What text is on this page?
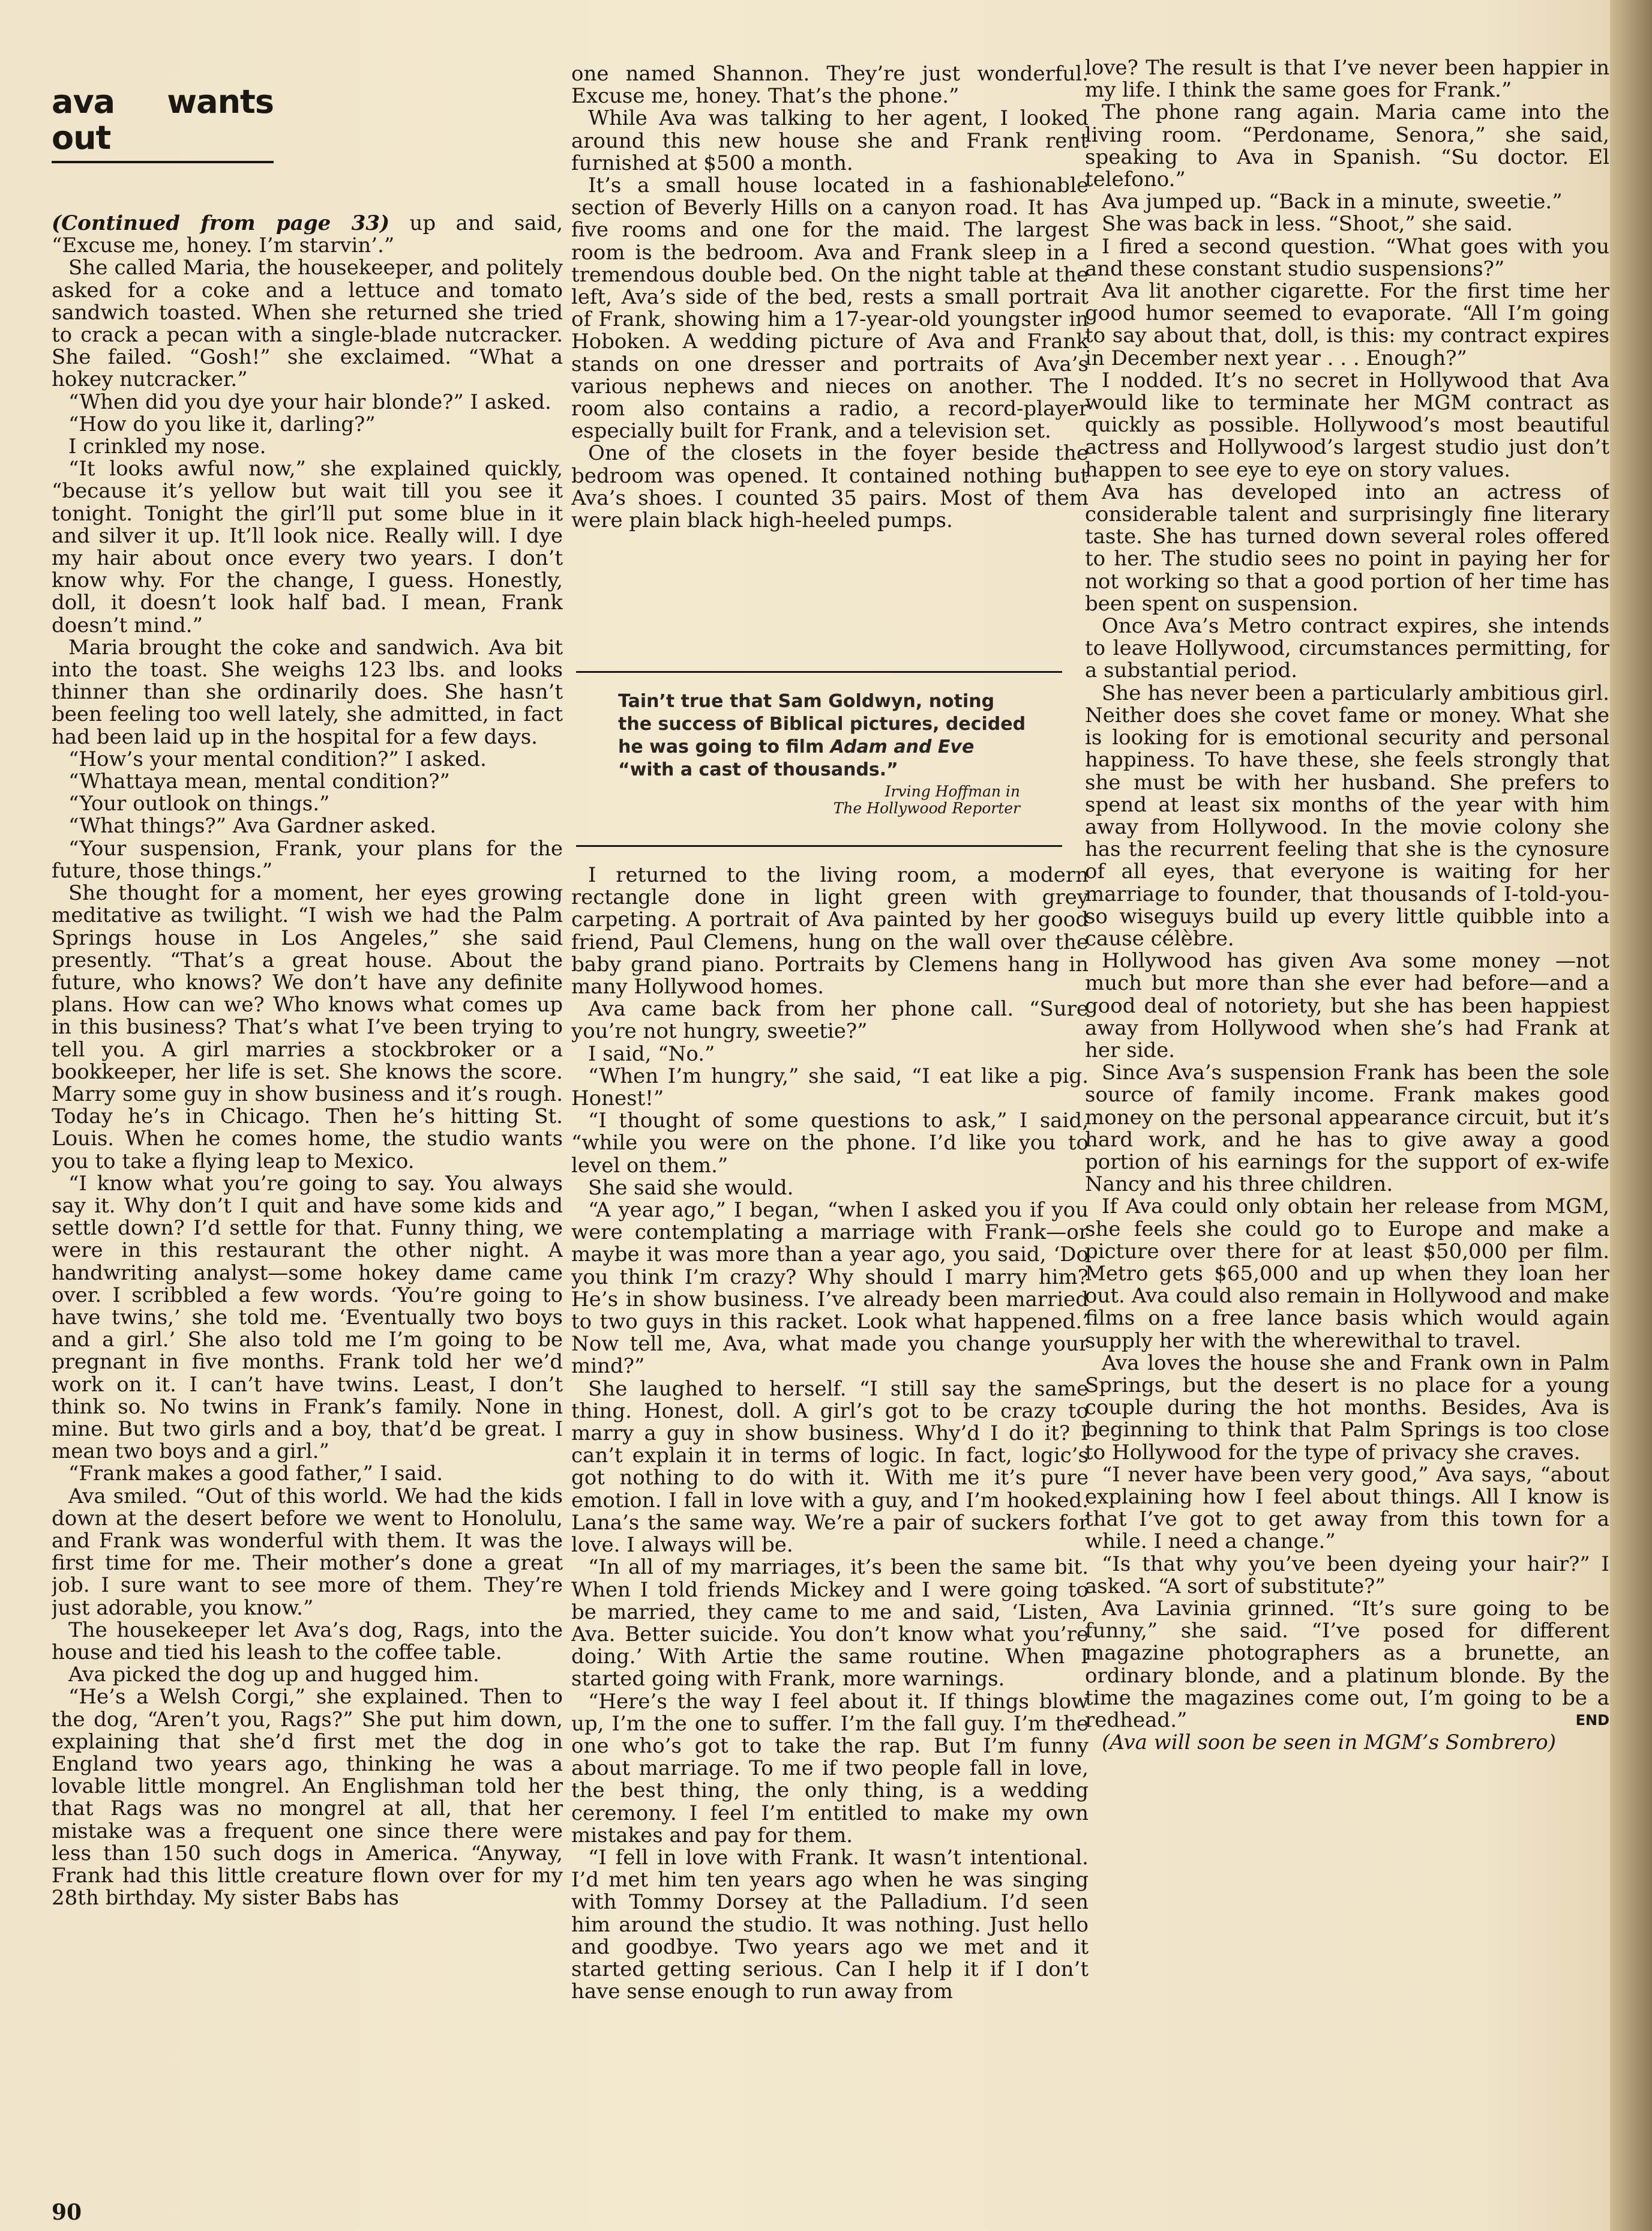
ava wants out

(Continued from page 33) up and said, “Excuse me, honey. I’m starvin’.”

She called Maria, the housekeeper, and politely asked for a coke and a lettuce and tomato sandwich toasted. When she returned she tried to crack a pecan with a single-blade nutcracker. She failed. “Gosh!” she exclaimed. “What a hokey nutcracker.”

“When did you dye your hair blonde?” I asked.

“How do you like it, darling?”

I crinkled my nose.

“It looks awful now,” she explained quickly, “because it’s yellow but wait till you see it tonight. Tonight the girl’ll put some blue in it and silver it up. It’ll look nice. Really will. I dye my hair about once every two years. I don’t know why. For the change, I guess. Honestly, doll, it doesn’t look half bad. I mean, Frank doesn’t mind.”

Maria brought the coke and sandwich. Ava bit into the toast. She weighs 123 lbs. and looks thinner than she ordinarily does. She hasn’t been feeling too well lately, she admitted, in fact had been laid up in the hospital for a few days.

“How’s your mental condition?” I asked.

“Whattaya mean, mental condition?”

“Your outlook on things.”

“What things?” Ava Gardner asked.

“Your suspension, Frank, your plans for the future, those things.”

She thought for a moment, her eyes growing meditative as twilight. “I wish we had the Palm Springs house in Los Angeles,” she said presently. “That’s a great house. About the future, who knows? We don’t have any definite plans. How can we? Who knows what comes up in this business? That’s what I’ve been trying to tell you. A girl marries a stockbroker or a bookkeeper, her life is set. She knows the score. Marry some guy in show business and it’s rough. Today he’s in Chicago. Then he’s hitting St. Louis. When he comes home, the studio wants you to take a flying leap to Mexico.

“I know what you’re going to say. You always say it. Why don’t I quit and have some kids and settle down? I’d settle for that. Funny thing, we were in this restaurant the other night. A handwriting analyst—some hokey dame came over. I scribbled a few words. ‘You’re going to have twins,’ she told me. ‘Eventually two boys and a girl.’ She also told me I’m going to be pregnant in five months. Frank told her we’d work on it. I can’t have twins. Least, I don’t think so. No twins in Frank’s family. None in mine. But two girls and a boy, that’d be great. I mean two boys and a girl.”

“Frank makes a good father,” I said.

Ava smiled. “Out of this world. We had the kids down at the desert before we went to Honolulu, and Frank was wonderful with them. It was the first time for me. Their mother’s done a great job. I sure want to see more of them. They’re just adorable, you know.”

The housekeeper let Ava’s dog, Rags, into the house and tied his leash to the coffee table.

Ava picked the dog up and hugged him.

“He’s a Welsh Corgi,” she explained. Then to the dog, “Aren’t you, Rags?” She put him down, explaining that she’d first met the dog in England two years ago, thinking he was a lovable little mongrel. An Englishman told her that Rags was no mongrel at all, that her mistake was a frequent one since there were less than 150 such dogs in America. “Anyway, Frank had this little creature flown over for my 28th birthday. My sister Babs has

one named Shannon. They’re just wonderful. Excuse me, honey. That’s the phone.”

While Ava was talking to her agent, I looked around this new house she and Frank rent furnished at $500 a month.

It’s a small house located in a fashionable section of Beverly Hills on a canyon road. It has five rooms and one for the maid. The largest room is the bedroom. Ava and Frank sleep in a tremendous double bed. On the night table at the left, Ava’s side of the bed, rests a small portrait of Frank, showing him a 17-year-old youngster in Hoboken. A wedding picture of Ava and Frank stands on one dresser and portraits of Ava’s various nephews and nieces on another. The room also contains a radio, a record-player especially built for Frank, and a television set.

One of the closets in the foyer beside the bedroom was opened. It contained nothing but Ava’s shoes. I counted 35 pairs. Most of them were plain black high-heeled pumps.

Tain’t true that Sam Goldwyn, noting the success of Biblical pictures, decided he was going to film Adam and Eve “with a cast of thousands.”
Irving Hoffman in
The Hollywood Reporter

I returned to the living room, a modern rectangle done in light green with grey carpeting. A portrait of Ava painted by her good friend, Paul Clemens, hung on the wall over the baby grand piano. Portraits by Clemens hang in many Hollywood homes.

Ava came back from her phone call. “Sure you’re not hungry, sweetie?”

I said, “No.”

“When I’m hungry,” she said, “I eat like a pig. Honest!”

“I thought of some questions to ask,” I said, “while you were on the phone. I’d like you to level on them.”

She said she would.

“A year ago,” I began, “when I asked you if you were contemplating a marriage with Frank—or maybe it was more than a year ago, you said, ‘Do you think I’m crazy? Why should I marry him? He’s in show business. I’ve already been married to two guys in this racket. Look what happened.’ Now tell me, Ava, what made you change your mind?”

She laughed to herself. “I still say the same thing. Honest, doll. A girl’s got to be crazy to marry a guy in show business. Why’d I do it? I can’t explain it in terms of logic. In fact, logic’s got nothing to do with it. With me it’s pure emotion. I fall in love with a guy, and I’m hooked. Lana’s the same way. We’re a pair of suckers for love. I always will be.

“In all of my marriages, it’s been the same bit. When I told friends Mickey and I were going to be married, they came to me and said, ‘Listen, Ava. Better suicide. You don’t know what you’re doing.’ With Artie the same routine. When I started going with Frank, more warnings.

“Here’s the way I feel about it. If things blow up, I’m the one to suffer. I’m the fall guy. I’m the one who’s got to take the rap. But I’m funny about marriage. To me if two people fall in love, the best thing, the only thing, is a wedding ceremony. I feel I’m entitled to make my own mistakes and pay for them.

“I fell in love with Frank. It wasn’t intentional. I’d met him ten years ago when he was singing with Tommy Dorsey at the Palladium. I’d seen him around the studio. It was nothing. Just hello and goodbye. Two years ago we met and it started getting serious. Can I help it if I don’t have sense enough to run away from

love? The result is that I’ve never been happier in my life. I think the same goes for Frank.”

The phone rang again. Maria came into the living room. “Perdoname, Senora,” she said, speaking to Ava in Spanish. “Su doctor. El telefono.”

Ava jumped up. “Back in a minute, sweetie.”

She was back in less. “Shoot,” she said.

I fired a second question. “What goes with you and these constant studio suspensions?”

Ava lit another cigarette. For the first time her good humor seemed to evaporate. “All I’m going to say about that, doll, is this: my contract expires in December next year . . . Enough?”

I nodded. It’s no secret in Hollywood that Ava would like to terminate her MGM contract as quickly as possible. Hollywood’s most beautiful actress and Hollywood’s largest studio just don’t happen to see eye to eye on story values.

Ava has developed into an actress of considerable talent and surprisingly fine literary taste. She has turned down several roles offered to her. The studio sees no point in paying her for not working so that a good portion of her time has been spent on suspension.

Once Ava’s Metro contract expires, she intends to leave Hollywood, circumstances permitting, for a substantial period.

She has never been a particularly ambitious girl. Neither does she covet fame or money. What she is looking for is emotional security and personal happiness. To have these, she feels strongly that she must be with her husband. She prefers to spend at least six months of the year with him away from Hollywood. In the movie colony she has the recurrent feeling that she is the cynosure of all eyes, that everyone is waiting for her marriage to founder, that thousands of I-told-you-so wiseguys build up every little quibble into a cause célèbre.

Hollywood has given Ava some money —not much but more than she ever had before—and a good deal of notoriety, but she has been happiest away from Hollywood when she’s had Frank at her side.

Since Ava’s suspension Frank has been the sole source of family income. Frank makes good money on the personal appearance circuit, but it’s hard work, and he has to give away a good portion of his earnings for the support of ex-wife Nancy and his three children.

If Ava could only obtain her release from MGM, she feels she could go to Europe and make a picture over there for at least $50,000 per film. Metro gets $65,000 and up when they loan her out. Ava could also remain in Hollywood and make films on a free lance basis which would again supply her with the wherewithal to travel.

Ava loves the house she and Frank own in Palm Springs, but the desert is no place for a young couple during the hot months. Besides, Ava is beginning to think that Palm Springs is too close to Hollywood for the type of privacy she craves.

“I never have been very good,” Ava says, “about explaining how I feel about things. All I know is that I’ve got to get away from this town for a while. I need a change.”

“Is that why you’ve been dyeing your hair?” I asked. “A sort of substitute?”

Ava Lavinia grinned. “It’s sure going to be funny,” she said. “I’ve posed for different magazine photographers as a brunette, an ordinary blonde, and a platinum blonde. By the time the magazines come out, I’m going to be a redhead.”	END

(Ava will soon be seen in MGM’s Sombrero)

90
